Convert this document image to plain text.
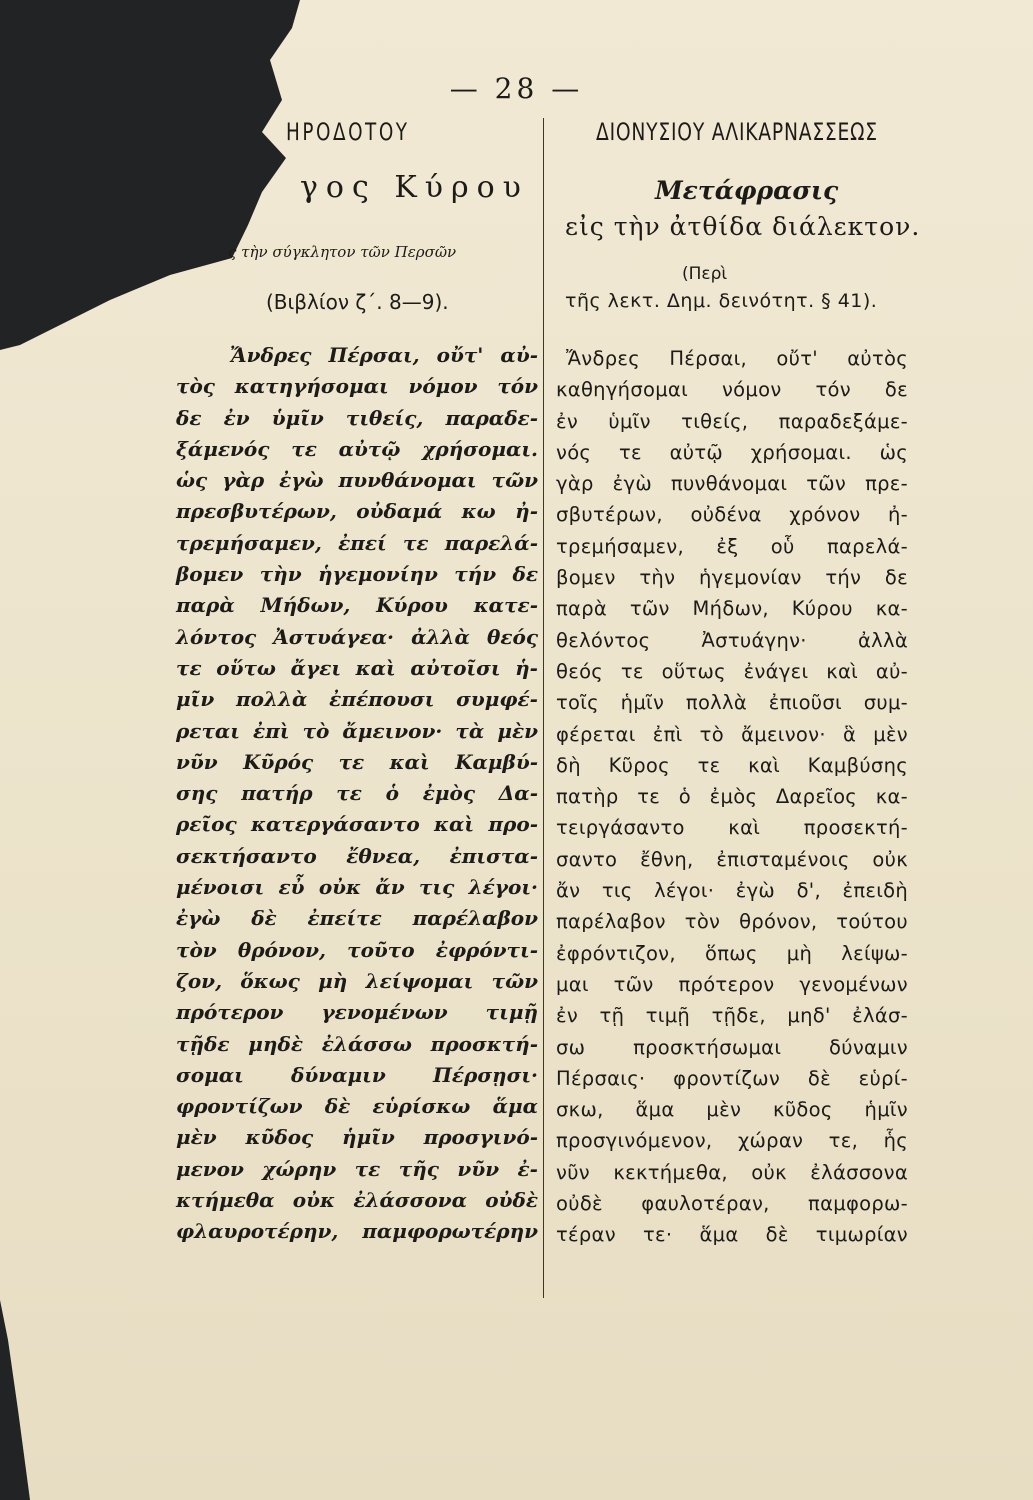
— 28 —
ΗΡΟΔΟΤΟΥ
γος Κύρου
ς τὴν σύγκλητον τῶν Περσῶν
(Βιβλίον ζ΄. 8—9).
Ἄνδρες Πέρσαι, οὔτ' αὐ-
τὸς κατηγήσομαι νόμον τόν
δε ἐν ὑμῖν τιθείς, παραδε-
ξάμενός τε αὐτῷ χρήσομαι.
ὡς γὰρ ἐγὼ πυνθάνομαι τῶν
πρεσβυτέρων, οὐδαμά κω ἠ-
τρεμήσαμεν, ἐπεί τε παρελά-
βομεν τὴν ἡγεμονίην τήν δε
παρὰ Μήδων, Κύρου κατε-
λόντος Ἀστυάγεα· ἀλλὰ θεός
τε οὕτω ἄγει καὶ αὐτοῖσι ἡ-
μῖν πολλὰ ἐπέπουσι συμφέ-
ρεται ἐπὶ τὸ ἄμεινον· τὰ μὲν
νῦν Κῦρός τε καὶ Καμβύ-
σης πατήρ τε ὁ ἐμὸς Δα-
ρεῖος κατεργάσαντο καὶ προ-
σεκτήσαντο ἔθνεα, ἐπιστα-
μένοισι εὖ οὐκ ἄν τις λέγοι·
ἐγὼ δὲ ἐπείτε παρέλαβον
τὸν θρόνον, τοῦτο ἐφρόντι-
ζον, ὅκως μὴ λείψομαι τῶν
πρότερον γενομένων τιμῇ
τῇδε μηδὲ ἐλάσσω προσκτή-
σομαι δύναμιν Πέρσῃσι·
φροντίζων δὲ εὑρίσκω ἅμα
μὲν κῦδος ἡμῖν προσγινό-
μενον χώρην τε τῆς νῦν ἐ-
κτήμεθα οὐκ ἐλάσσονα οὐδὲ
φλαυροτέρην, παμφορωτέρην
ΔΙΟΝΥΣΙΟΥ ΑΛΙΚΑΡΝΑΣΣΕΩΣ
Μετάφρασις
εἰς τὴν ἀτθίδα διάλεκτον.
(Περὶ
τῆς λεκτ. Δημ. δεινότητ. § 41).
Ἄνδρες Πέρσαι, οὔτ' αὐτὸς
καθηγήσομαι νόμον τόν δε
ἐν ὑμῖν τιθείς, παραδεξάμε-
νός τε αὐτῷ χρήσομαι. ὡς
γὰρ ἐγὼ πυνθάνομαι τῶν πρε-
σβυτέρων, οὐδένα χρόνον ἠ-
τρεμήσαμεν, ἐξ οὗ παρελά-
βομεν τὴν ἡγεμονίαν τήν δε
παρὰ τῶν Μήδων, Κύρου κα-
θελόντος Ἀστυάγην· ἀλλὰ
θεός τε οὕτως ἐνάγει καὶ αὐ-
τοῖς ἡμῖν πολλὰ ἐπιοῦσι συμ-
φέρεται ἐπὶ τὸ ἄμεινον· ἃ μὲν
δὴ Κῦρος τε καὶ Καμβύσης
πατὴρ τε ὁ ἐμὸς Δαρεῖος κα-
τειργάσαντο καὶ προσεκτή-
σαντο ἔθνη, ἐπισταμένοις οὐκ
ἄν τις λέγοι· ἐγὼ δ', ἐπειδὴ
παρέλαβον τὸν θρόνον, τούτου
ἐφρόντιζον, ὅπως μὴ λείψω-
μαι τῶν πρότερον γενομένων
ἐν τῇ τιμῇ τῇδε, μηδ' ἐλάσ-
σω προσκτήσωμαι δύναμιν
Πέρσαις· φροντίζων δὲ εὑρί-
σκω, ἅμα μὲν κῦδος ἡμῖν
προσγινόμενον, χώραν τε, ἧς
νῦν κεκτήμεθα, οὐκ ἐλάσσονα
οὐδὲ φαυλοτέραν, παμφορω-
τέραν τε· ἅμα δὲ τιμωρίαν
